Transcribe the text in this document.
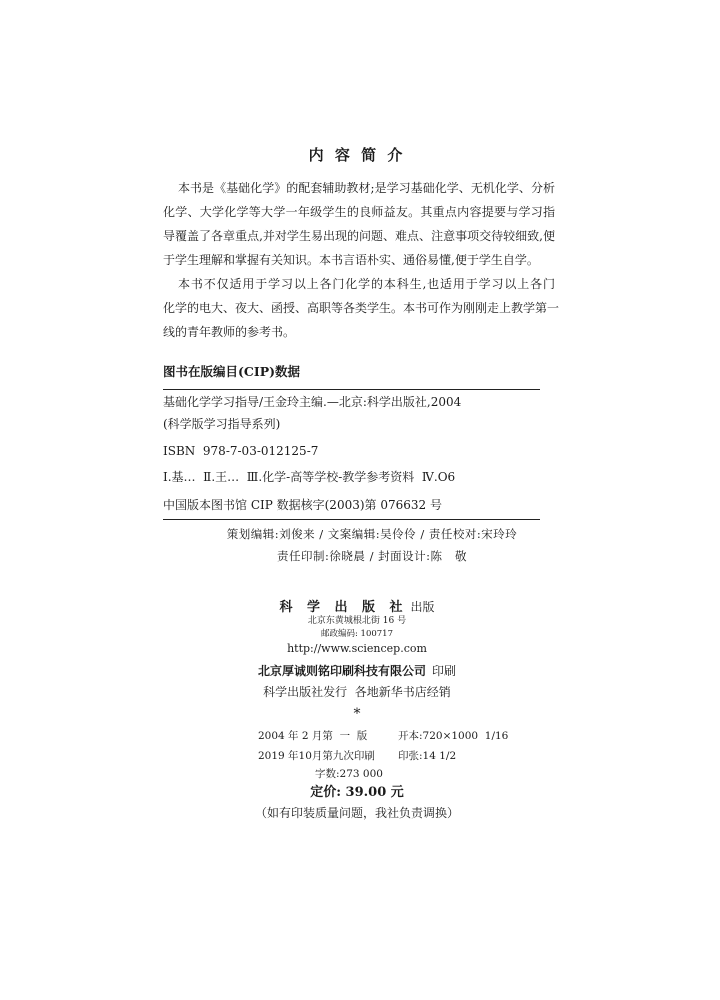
内 容 简 介
本书是《基础化学》的配套辅助教材;是学习基础化学、无机化学、分析
化学、大学化学等大学一年级学生的良师益友。其重点内容提要与学习指
导覆盖了各章重点,并对学生易出现的问题、难点、注意事项交待较细致,便
于学生理解和掌握有关知识。本书言语朴实、通俗易懂,便于学生自学。
本书不仅适用于学习以上各门化学的本科生,也适用于学习以上各门
化学的电大、夜大、函授、高职等各类学生。本书可作为刚刚走上教学第一
线的青年教师的参考书。
图书在版编目(CIP)数据
基础化学学习指导/王金玲主编.—北京:科学出版社,2004
(科学版学习指导系列)
ISBN  978-7-03-012125-7
Ⅰ.基…  Ⅱ.王…  Ⅲ.化学-高等学校-教学参考资料  Ⅳ.O6
中国版本图书馆 CIP 数据核字(2003)第 076632 号
策划编辑:刘俊来 / 文案编辑:吴伶伶 / 责任校对:宋玲玲
责任印制:徐晓晨 / 封面设计:陈   敬
科 学 出 版 社 出版
北京东黄城根北街 16 号
邮政编码: 100717
http://www.sciencep.com
北京厚诚则铭印刷科技有限公司 印刷
科学出版社发行  各地新华书店经销
*
2004 年 2 月第  一  版	开本:720×1000  1/16
2019 年10月第九次印刷 印张:14 1/2
字数:273 000
定价: 39.00 元
（如有印装质量问题，我社负责调换）
